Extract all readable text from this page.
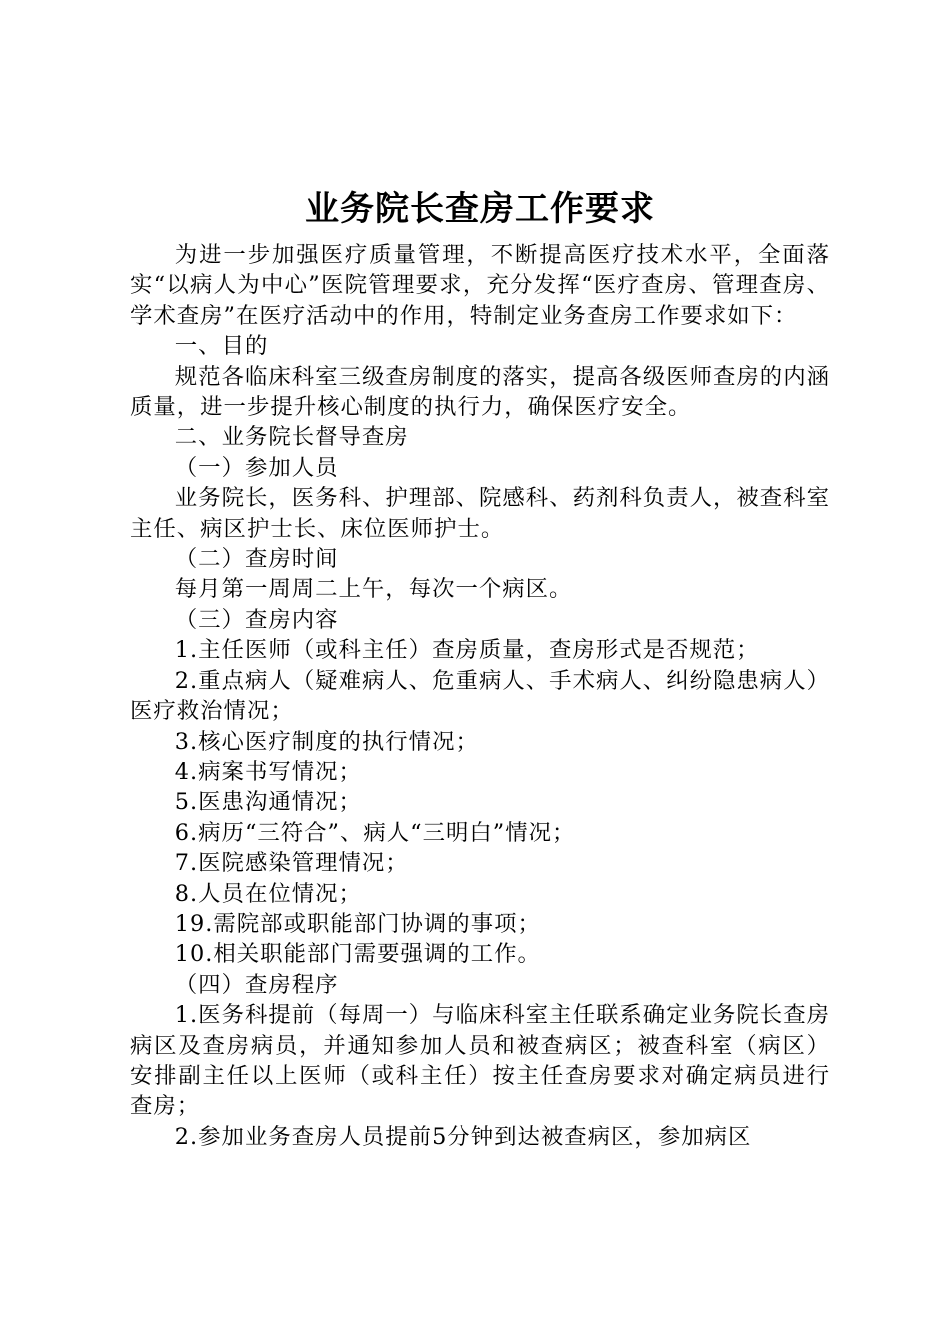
业务院长查房工作要求

为进一步加强医疗质量管理，不断提高医疗技术水平，全面落实“以病人为中心”医院管理要求，充分发挥“医疗查房、管理查房、学术查房”在医疗活动中的作用，特制定业务查房工作要求如下：

一、目的

规范各临床科室三级查房制度的落实，提高各级医师查房的内涵质量，进一步提升核心制度的执行力，确保医疗安全。

二、业务院长督导查房

（一）参加人员

业务院长，医务科、护理部、院感科、药剂科负责人，被查科室主任、病区护士长、床位医师护士。

（二）查房时间

每月第一周周二上午，每次一个病区。

（三）查房内容

1.主任医师（或科主任）查房质量，查房形式是否规范；

2.重点病人（疑难病人、危重病人、手术病人、纠纷隐患病人）医疗救治情况；

3.核心医疗制度的执行情况；

4.病案书写情况；

5.医患沟通情况；

6.病历“三符合”、病人“三明白”情况；

7.医院感染管理情况；

8.人员在位情况；

19.需院部或职能部门协调的事项；

10.相关职能部门需要强调的工作。

（四）查房程序

1.医务科提前（每周一）与临床科室主任联系确定业务院长查房病区及查房病员，并通知参加人员和被查病区；被查科室（病区）安排副主任以上医师（或科主任）按主任查房要求对确定病员进行查房；

2.参加业务查房人员提前5分钟到达被查病区，参加病区
